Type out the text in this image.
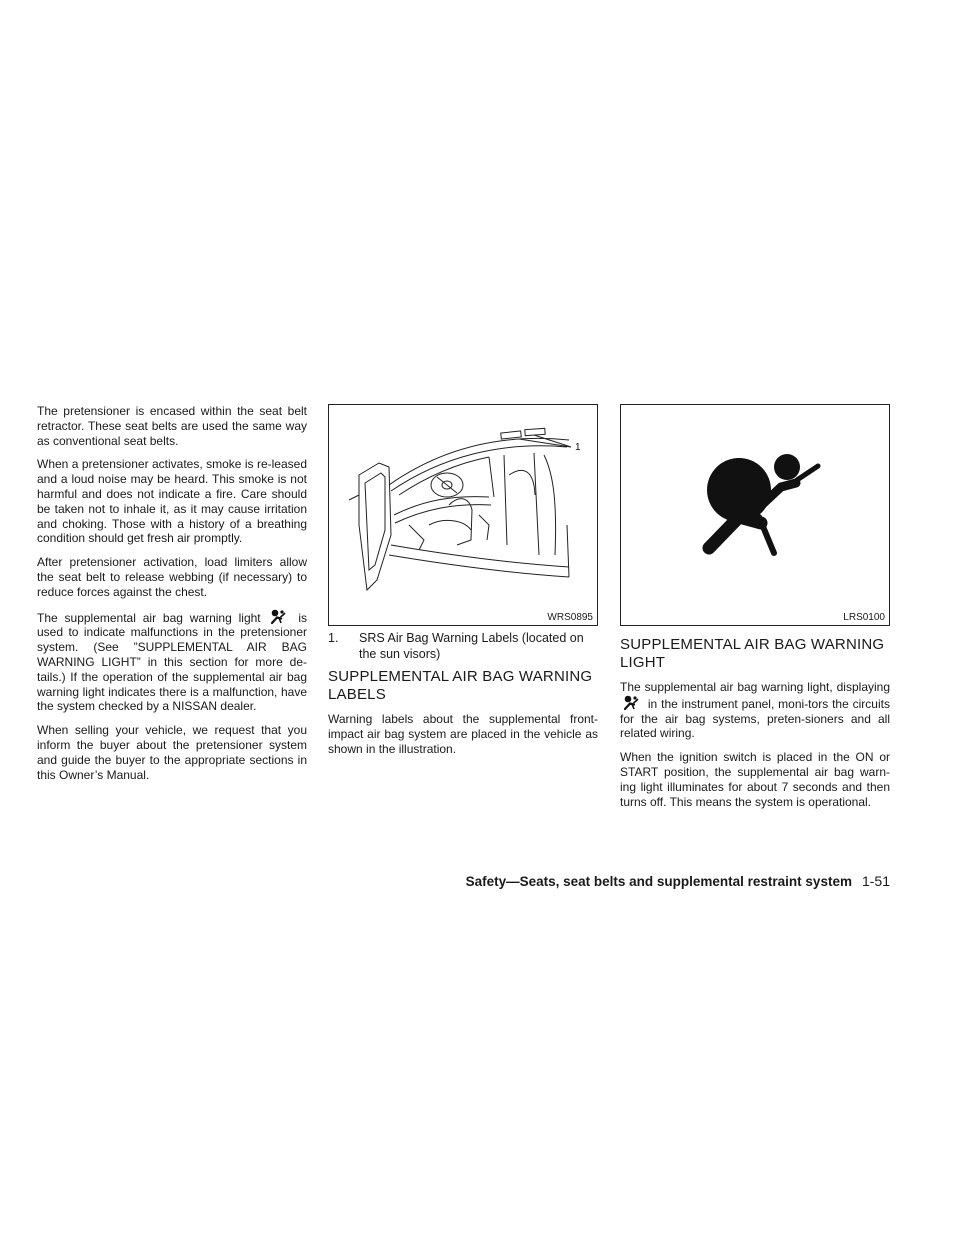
The pretensioner is encased within the seat belt retractor. These seat belts are used the same way as conventional seat belts.

When a pretensioner activates, smoke is re-leased and a loud noise may be heard. This smoke is not harmful and does not indicate a fire. Care should be taken not to inhale it, as it may cause irritation and choking. Those with a history of a breathing condition should get fresh air promptly.

After pretensioner activation, load limiters allow the seat belt to release webbing (if necessary) to reduce forces against the chest.

The supplemental air bag warning light	is used to indicate malfunctions in the pretensioner system. (See ”SUPPLEMENTAL AIR BAG WARNING LIGHT” in this section for more de-tails.) If the operation of the supplemental air bag warning light indicates there is a malfunction, have the system checked by a NISSAN dealer.

When selling your vehicle, we request that you inform the buyer about the pretensioner system and guide the buyer to the appropriate sections in this Owner’s Manual.

1
WRS0895
1. SRS Air Bag Warning Labels (located on the sun visors)
SUPPLEMENTAL AIR BAG WARNING LABELS

Warning labels about the supplemental front-impact air bag system are placed in the vehicle as shown in the illustration.

LRS0100
SUPPLEMENTAL AIR BAG WARNING LIGHT

The supplemental air bag warning light, displaying  in the instrument panel, moni-tors the circuits for the air bag systems, preten-sioners and all related wiring.

When the ignition switch is placed in the ON or START position, the supplemental air bag warn-ing light illuminates for about 7 seconds and then turns off. This means the system is operational.

Safety—Seats, seat belts and supplemental restraint system 1-51
